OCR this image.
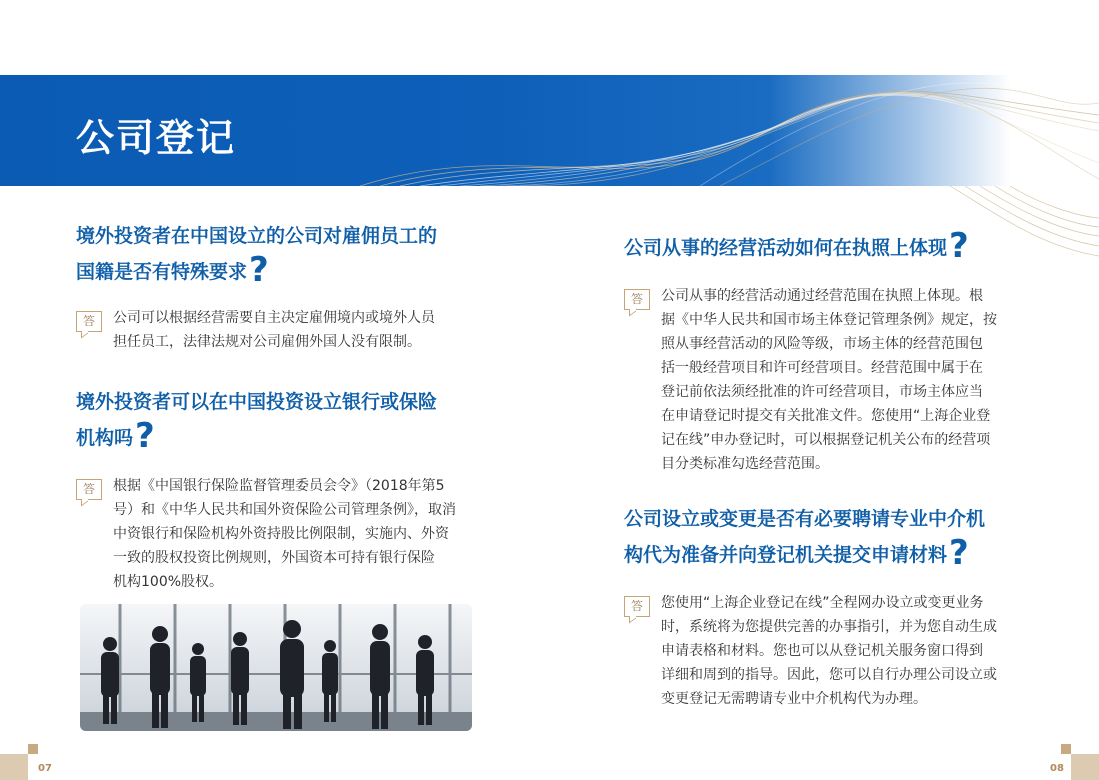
公司登记
境外投资者在中国设立的公司对雇佣员工的
国籍是否有特殊要求?
答	公司可以根据经营需要自主决定雇佣境内或境外人员
担任员工，法律法规对公司雇佣外国人没有限制。
境外投资者可以在中国投资设立银行或保险
机构吗?
答	根据《中国银行保险监督管理委员会令》（2018年第5
号）和《中华人民共和国外资保险公司管理条例》，取消
中资银行和保险机构外资持股比例限制，实施内、外资
一致的股权投资比例规则，外国资本可持有银行保险
机构100%股权。
公司从事的经营活动如何在执照上体现?
答	公司从事的经营活动通过经营范围在执照上体现。根
据《中华人民共和国市场主体登记管理条例》规定，按
照从事经营活动的风险等级，市场主体的经营范围包
括一般经营项目和许可经营项目。经营范围中属于在
登记前依法须经批准的许可经营项目，市场主体应当
在申请登记时提交有关批准文件。您使用“上海企业登
记在线”申办登记时，可以根据登记机关公布的经营项
目分类标准勾选经营范围。
公司设立或变更是否有必要聘请专业中介机
构代为准备并向登记机关提交申请材料?
答	您使用“上海企业登记在线”全程网办设立或变更业务
时，系统将为您提供完善的办事指引，并为您自动生成
申请表格和材料。您也可以从登记机关服务窗口得到
详细和周到的指导。因此，您可以自行办理公司设立或
变更登记无需聘请专业中介机构代为办理。
07	08
